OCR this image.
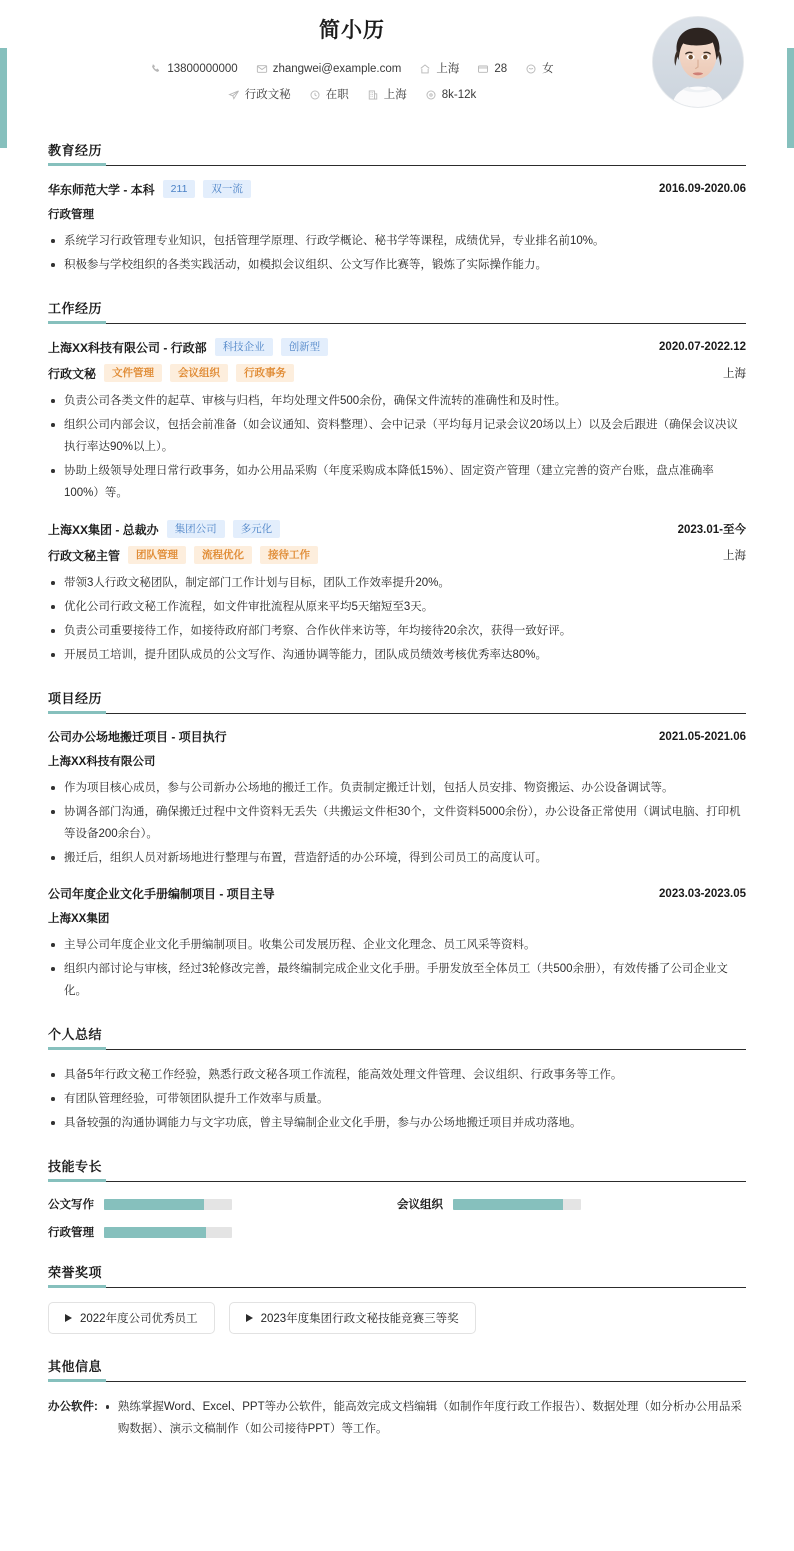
简小历
13800000000	zhangwei@example.com	上海	28	女
行政文秘	在职	上海	8k-12k
教育经历
华东师范大学 - 本科	211	双一流	2016.09-2020.06
行政管理
系统学习行政管理专业知识，包括管理学原理、行政学概论、秘书学等课程，成绩优异，专业排名前10%。
积极参与学校组织的各类实践活动，如模拟会议组织、公文写作比赛等，锻炼了实际操作能力。
工作经历
上海XX科技有限公司 - 行政部	科技企业	创新型	2020.07-2022.12
行政文秘	文件管理	会议组织	行政事务	上海
负责公司各类文件的起草、审核与归档，年均处理文件500余份，确保文件流转的准确性和及时性。
组织公司内部会议，包括会前准备（如会议通知、资料整理）、会中记录（平均每月记录会议20场以上）以及会后跟进（确保会议决议执行率达90%以上）。
协助上级领导处理日常行政事务，如办公用品采购（年度采购成本降低15%）、固定资产管理（建立完善的资产台账，盘点准确率100%）等。
上海XX集团 - 总裁办	集团公司	多元化	2023.01-至今
行政文秘主管	团队管理	流程优化	接待工作	上海
带领3人行政文秘团队，制定部门工作计划与目标，团队工作效率提升20%。
优化公司行政文秘工作流程，如文件审批流程从原来平均5天缩短至3天。
负责公司重要接待工作，如接待政府部门考察、合作伙伴来访等，年均接待20余次，获得一致好评。
开展员工培训，提升团队成员的公文写作、沟通协调等能力，团队成员绩效考核优秀率达80%。
项目经历
公司办公场地搬迁项目 - 项目执行	2021.05-2021.06
上海XX科技有限公司
作为项目核心成员，参与公司新办公场地的搬迁工作。负责制定搬迁计划，包括人员安排、物资搬运、办公设备调试等。
协调各部门沟通，确保搬迁过程中文件资料无丢失（共搬运文件柜30个，文件资料5000余份），办公设备正常使用（调试电脑、打印机等设备200余台）。
搬迁后，组织人员对新场地进行整理与布置，营造舒适的办公环境，得到公司员工的高度认可。
公司年度企业文化手册编制项目 - 项目主导	2023.03-2023.05
上海XX集团
主导公司年度企业文化手册编制项目。收集公司发展历程、企业文化理念、员工风采等资料。
组织内部讨论与审核，经过3轮修改完善，最终编制完成企业文化手册。手册发放至全体员工（共500余册），有效传播了公司企业文化。
个人总结
具备5年行政文秘工作经验，熟悉行政文秘各项工作流程，能高效处理文件管理、会议组织、行政事务等工作。
有团队管理经验，可带领团队提升工作效率与质量。
具备较强的沟通协调能力与文字功底，曾主导编制企业文化手册，参与办公场地搬迁项目并成功落地。
技能专长
公文写作	会议组织
行政管理
荣誉奖项
2022年度公司优秀员工	2023年度集团行政文秘技能竞赛三等奖
其他信息
办公软件:	熟练掌握Word、Excel、PPT等办公软件，能高效完成文档编辑（如制作年度行政工作报告）、数据处理（如分析办公用品采购数据）、演示文稿制作（如公司接待PPT）等工作。
